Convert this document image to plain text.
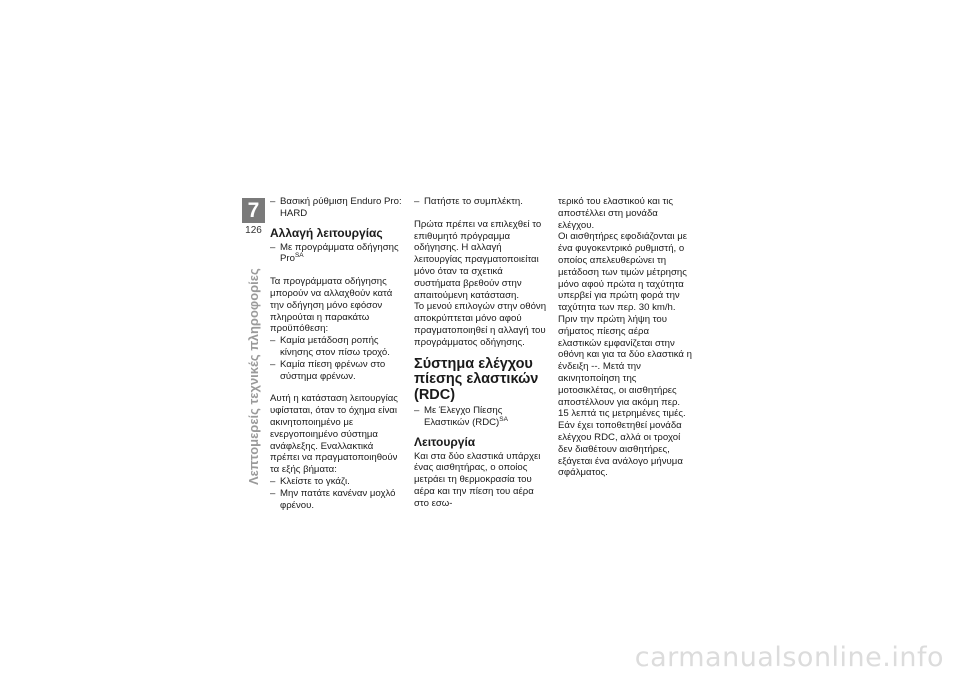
7
126
Λεπτομερείς τεχνικές πληροφορίες

– Βασική ρύθμιση Enduro Pro: HARD

Αλλαγή λειτουργίας

– Με προγράμματα οδήγησης Pro$^{SA}$

Τα προγράμματα οδήγησης μπορούν να αλλαχθούν κατά την οδήγηση μόνο εφόσον πληρούται η παρακάτω προϋπόθεση:

– Καμία μετάδοση ροπής κίνησης στον πίσω τροχό.

– Καμία πίεση φρένων στο σύστημα φρένων.

Αυτή η κατάσταση λειτουργίας υφίσταται, όταν το όχημα είναι ακινητοποιημένο με ενεργοποιημένο σύστημα ανάφλεξης. Εναλλακτικά πρέπει να πραγματοποιηθούν τα εξής βήματα:

– Κλείστε το γκάζι.

– Μην πατάτε κανέναν μοχλό φρένου.

– Πατήστε το συμπλέκτη.

Πρώτα πρέπει να επιλεχθεί το επιθυμητό πρόγραμμα οδήγησης. Η αλλαγή λειτουργίας πραγματοποιείται μόνο όταν τα σχετικά συστήματα βρεθούν στην απαιτούμενη κατάσταση.

Το μενού επιλογών στην οθόνη αποκρύπτεται μόνο αφού πραγματοποιηθεί η αλλαγή του προγράμματος οδήγησης.

Σύστημα ελέγχου πίεσης ελαστικών (RDC)

– Με Έλεγχο Πίεσης Ελαστικών (RDC)$^{SA}$

Λειτουργία

Και στα δύο ελαστικά υπάρχει ένας αισθητήρας, ο οποίος μετράει τη θερμοκρασία του αέρα και την πίεση του αέρα στο εσω-

τερικό του ελαστικού και τις αποστέλλει στη μονάδα ελέγχου.

Οι αισθητήρες εφοδιάζονται με ένα φυγοκεντρικό ρυθμιστή, ο οποίος απελευθερώνει τη μετάδοση των τιμών μέτρησης μόνο αφού πρώτα η ταχύτητα υπερβεί για πρώτη φορά την ταχύτητα των περ. 30 km/h. Πριν την πρώτη λήψη του σήματος πίεσης αέρα ελαστικών εμφανίζεται στην οθόνη και για τα δύο ελαστικά η ένδειξη --. Μετά την ακινητοποίηση της μοτοσικλέτας, οι αισθητήρες αποστέλλουν για ακόμη περ. 15 λεπτά τις μετρημένες τιμές.

Εάν έχει τοποθετηθεί μονάδα ελέγχου RDC, αλλά οι τροχοί δεν διαθέτουν αισθητήρες, εξάγεται ένα ανάλογο μήνυμα σφάλματος.

carmanualsonline.info
